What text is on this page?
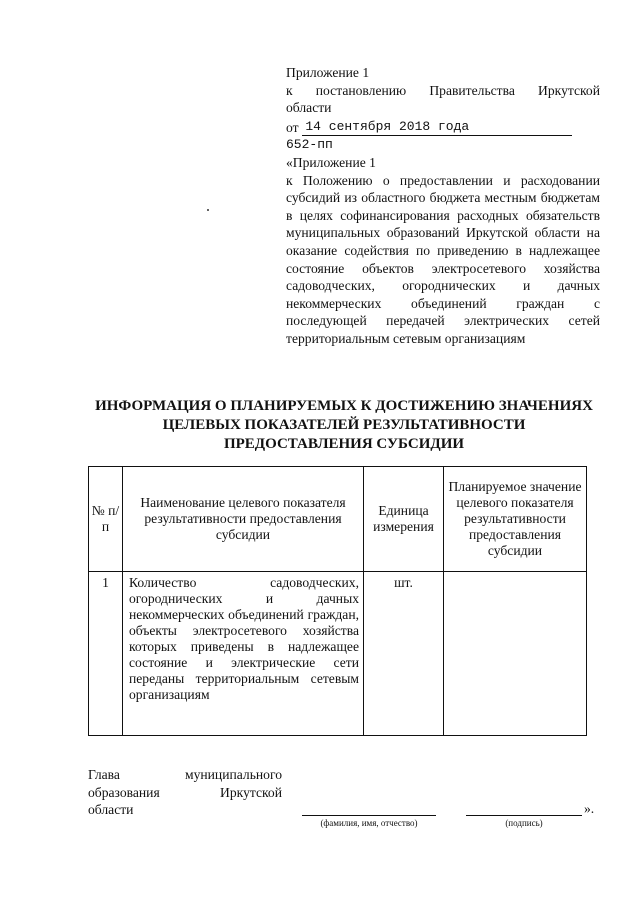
Приложение 1
к постановлению Правительства Иркутской
области
от 14 сентября 2018 года
652-пп
«Приложение 1
к Положению о предоставлении и расходовании субсидий из областного бюджета местным бюджетам в целях софинансирования расходных обязательств муниципальных образований Иркутской области на оказание содействия по приведению в надлежащее состояние объектов электросетевого хозяйства садоводческих, огороднических и дачных некоммерческих объединений граждан с последующей передачей электрических сетей территориальным сетевым организациям
ИНФОРМАЦИЯ О ПЛАНИРУЕМЫХ К ДОСТИЖЕНИЮ ЗНАЧЕНИЯХ
ЦЕЛЕВЫХ ПОКАЗАТЕЛЕЙ РЕЗУЛЬТАТИВНОСТИ
ПРЕДОСТАВЛЕНИЯ СУБСИДИИ
№ п/п	Наименование целевого показателя результативности предоставления субсидии	Единица измерения	Планируемое значение целевого показателя результативности предоставления субсидии
1	Количество садоводческих, огороднических и дачных некоммерческих объединений граждан, объекты электросетевого хозяйства которых приведены в надлежащее состояние и электрические сети переданы территориальным сетевым организациям	шт.	
Глава муниципального
образования Иркутской
области
(фамилия, имя, отчество)	(подпись)
».
